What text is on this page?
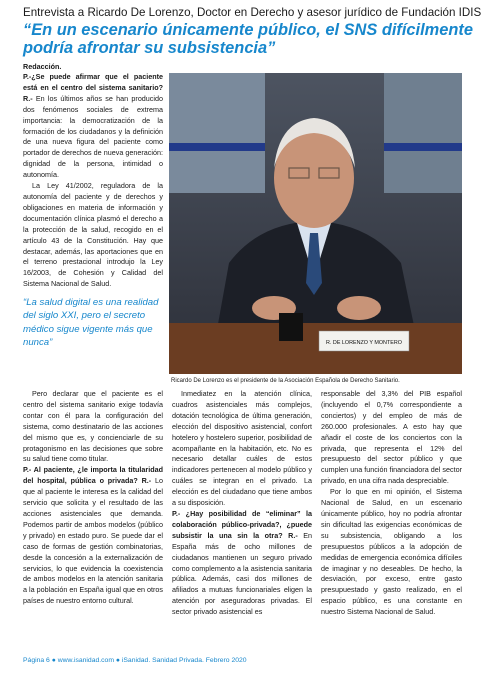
Entrevista a Ricardo De Lorenzo, Doctor en Derecho y asesor jurídico de Fundación IDIS
“En un escenario únicamente público, el SNS difícilmente podría afrontar su subsistencia”
Redacción.

P.-¿Se puede afirmar que el paciente está en el centro del sistema sanitario? R.- En los últimos años se han producido dos fenómenos sociales de extrema importancia: la democratización de la formación de los ciudadanos y la definición de una nueva figura del paciente como portador de derechos de nueva generación: dignidad de la persona, intimidad o autonomía.

La Ley 41/2002, reguladora de la autonomía del paciente y de derechos y obligaciones en materia de información y documentación clínica plasmó el derecho a la protección de la salud, recogido en el artículo 43 de la Constitución. Hay que destacar, además, las aportaciones que en el terreno prestacional introdujo la Ley 16/2003, de Cohesión y Calidad del Sistema Nacional de Salud.

“La salud digital es una realidad del siglo XXI, pero el secreto médico sigue vigente más que nunca”	R. DE LORENZO Y MONTERO
Ricardo De Lorenzo es el presidente de la Asociación Española de Derecho Sanitario.

Pero declarar que el paciente es el centro del sistema sanitario exige todavía contar con él para la configuración del sistema, como destinatario de las acciones del mismo que es, y concienciarle de su protagonismo en las decisiones que sobre su salud tiene como titular.

P.- Al paciente, ¿le importa la titularidad del hospital, pública o privada? R.- Lo que al paciente le interesa es la calidad del servicio que solicita y el resultado de las acciones asistenciales que demanda. Podemos partir de ambos modelos (público y privado) en estado puro. Se puede dar el caso de formas de gestión combinatorias, desde la concesión a la externalización de servicios, lo que evidencia la coexistencia de ambos modelos en la atención sanitaria a la población en España igual que en otros países de nuestro entorno cultural.

Inmediatez en la atención clínica, cuadros asistenciales más complejos, dotación tecnológica de última generación, elección del dispositivo asistencial, confort hotelero y hostelero superior, posibilidad de acompañante en la habitación, etc. No es necesario detallar cuáles de estos indicadores pertenecen al modelo público y cuáles se integran en el privado. La elección es del ciudadano que tiene ambos a su disposición.

P.- ¿Hay posibilidad de “eliminar” la colaboración público-privada?, ¿puede subsistir la una sin la otra? R.- En España más de ocho millones de ciudadanos mantienen un seguro privado como complemento a la asistencia sanitaria pública. Además, casi dos millones de afiliados a mutuas funcionariales eligen la atención por aseguradoras privadas. El sector privado asistencial es

responsable del 3,3% del PIB español (incluyendo el 0,7% correspondiente a conciertos) y del empleo de más de 260.000 profesionales. A esto hay que añadir el coste de los conciertos con la privada, que representa el 12% del presupuesto del sector público y que cumplen una función financiadora del sector privado, en una cifra nada despreciable.

Por lo que en mi opinión, el Sistema Nacional de Salud, en un escenario únicamente público, hoy no podría afrontar sin dificultad las exigencias económicas de su subsistencia, obligando a los presupuestos públicos a la adopción de medidas de emergencia económica difíciles de imaginar y no deseables. De hecho, la desviación, por exceso, entre gasto presupuestado y gasto realizado, en el espacio público, es una constante en nuestro Sistema Nacional de Salud.

Página 6 ● www.isanidad.com ● iSanidad. Sanidad Privada. Febrero 2020
